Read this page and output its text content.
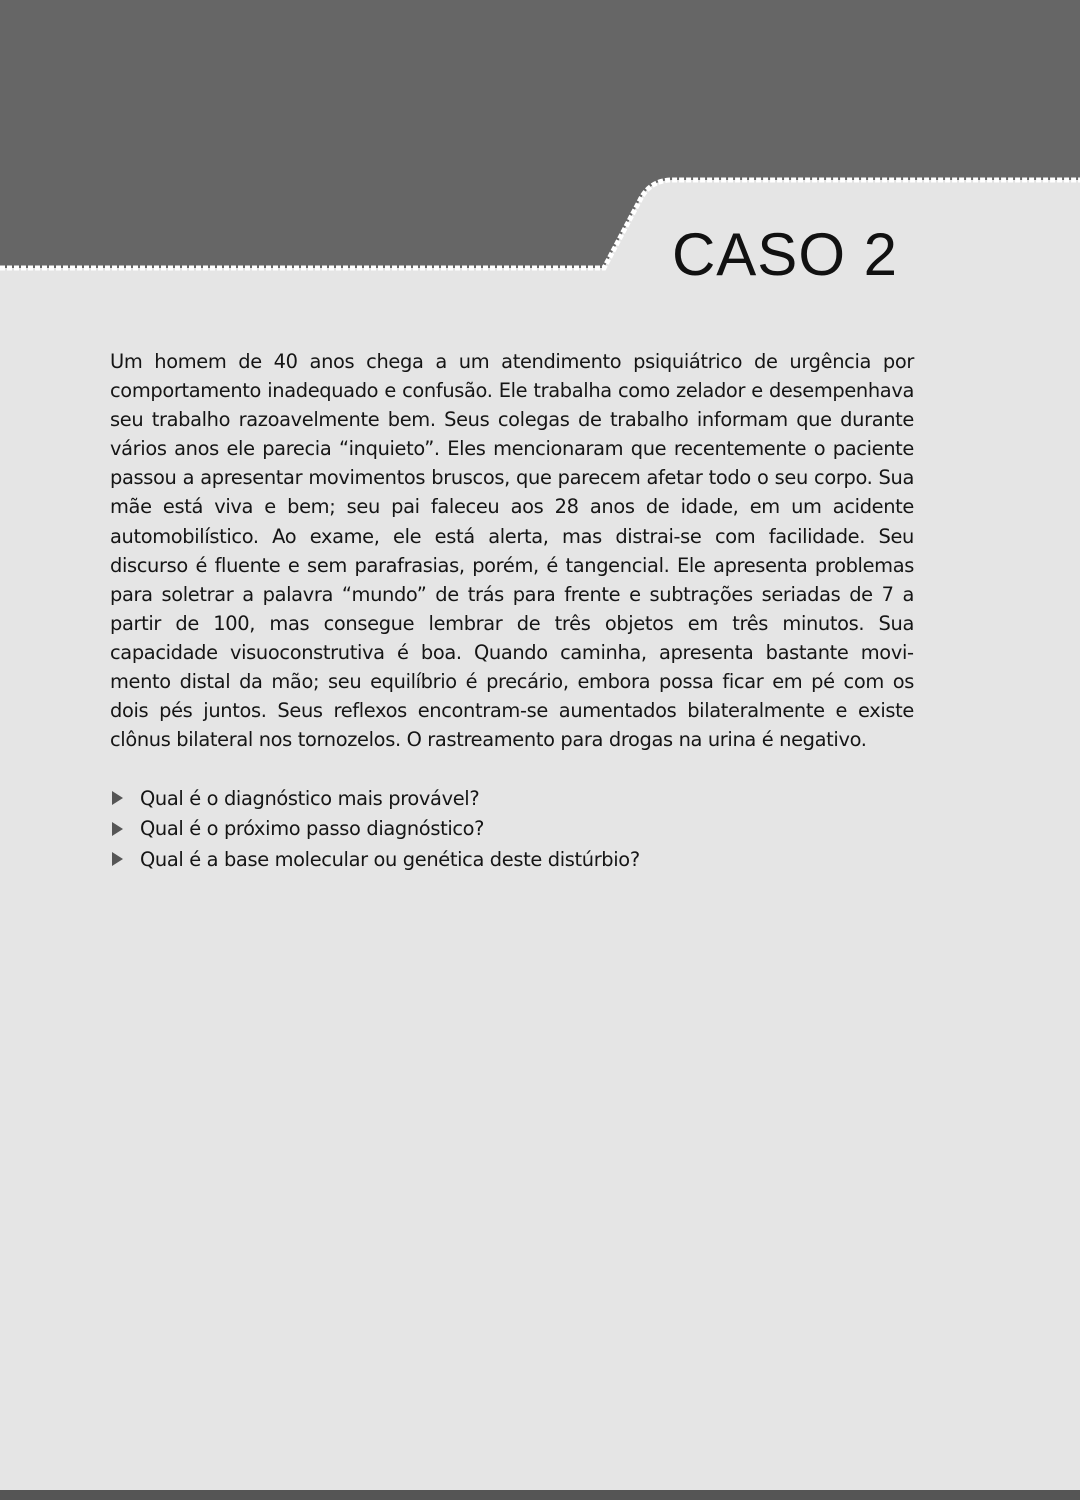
CASO 2

Um homem de 40 anos chega a um atendimento psiquiátrico de urgência por comportamento inadequado e confusão. Ele trabalha como zelador e desempenhava seu trabalho razoavelmente bem. Seus colegas de trabalho informam que durante vários anos ele parecia “inquieto”. Eles mencionaram que recentemente o paciente passou a apresentar movimentos bruscos, que parecem afetar todo o seu corpo. Sua mãe está viva e bem; seu pai faleceu aos 28 anos de idade, em um acidente automobilístico. Ao exame, ele está alerta, mas distrai-se com facilidade. Seu discurso é fluente e sem parafrasias, porém, é tangencial. Ele apresenta problemas para soletrar a palavra “mundo” de trás para frente e subtrações seriadas de 7 a partir de 100, mas consegue lembrar de três objetos em três minutos. Sua capacidade visuoconstrutiva é boa. Quando caminha, apresenta bastante movimento distal da mão; seu equilíbrio é precário, embora possa ficar em pé com os dois pés juntos. Seus reflexos encontram-se aumentados bilateralmente e existe clônus bilateral nos tornozelos. O rastreamento para drogas na urina é negativo.

Qual é o diagnóstico mais provável?
Qual é o próximo passo diagnóstico?
Qual é a base molecular ou genética deste distúrbio?
